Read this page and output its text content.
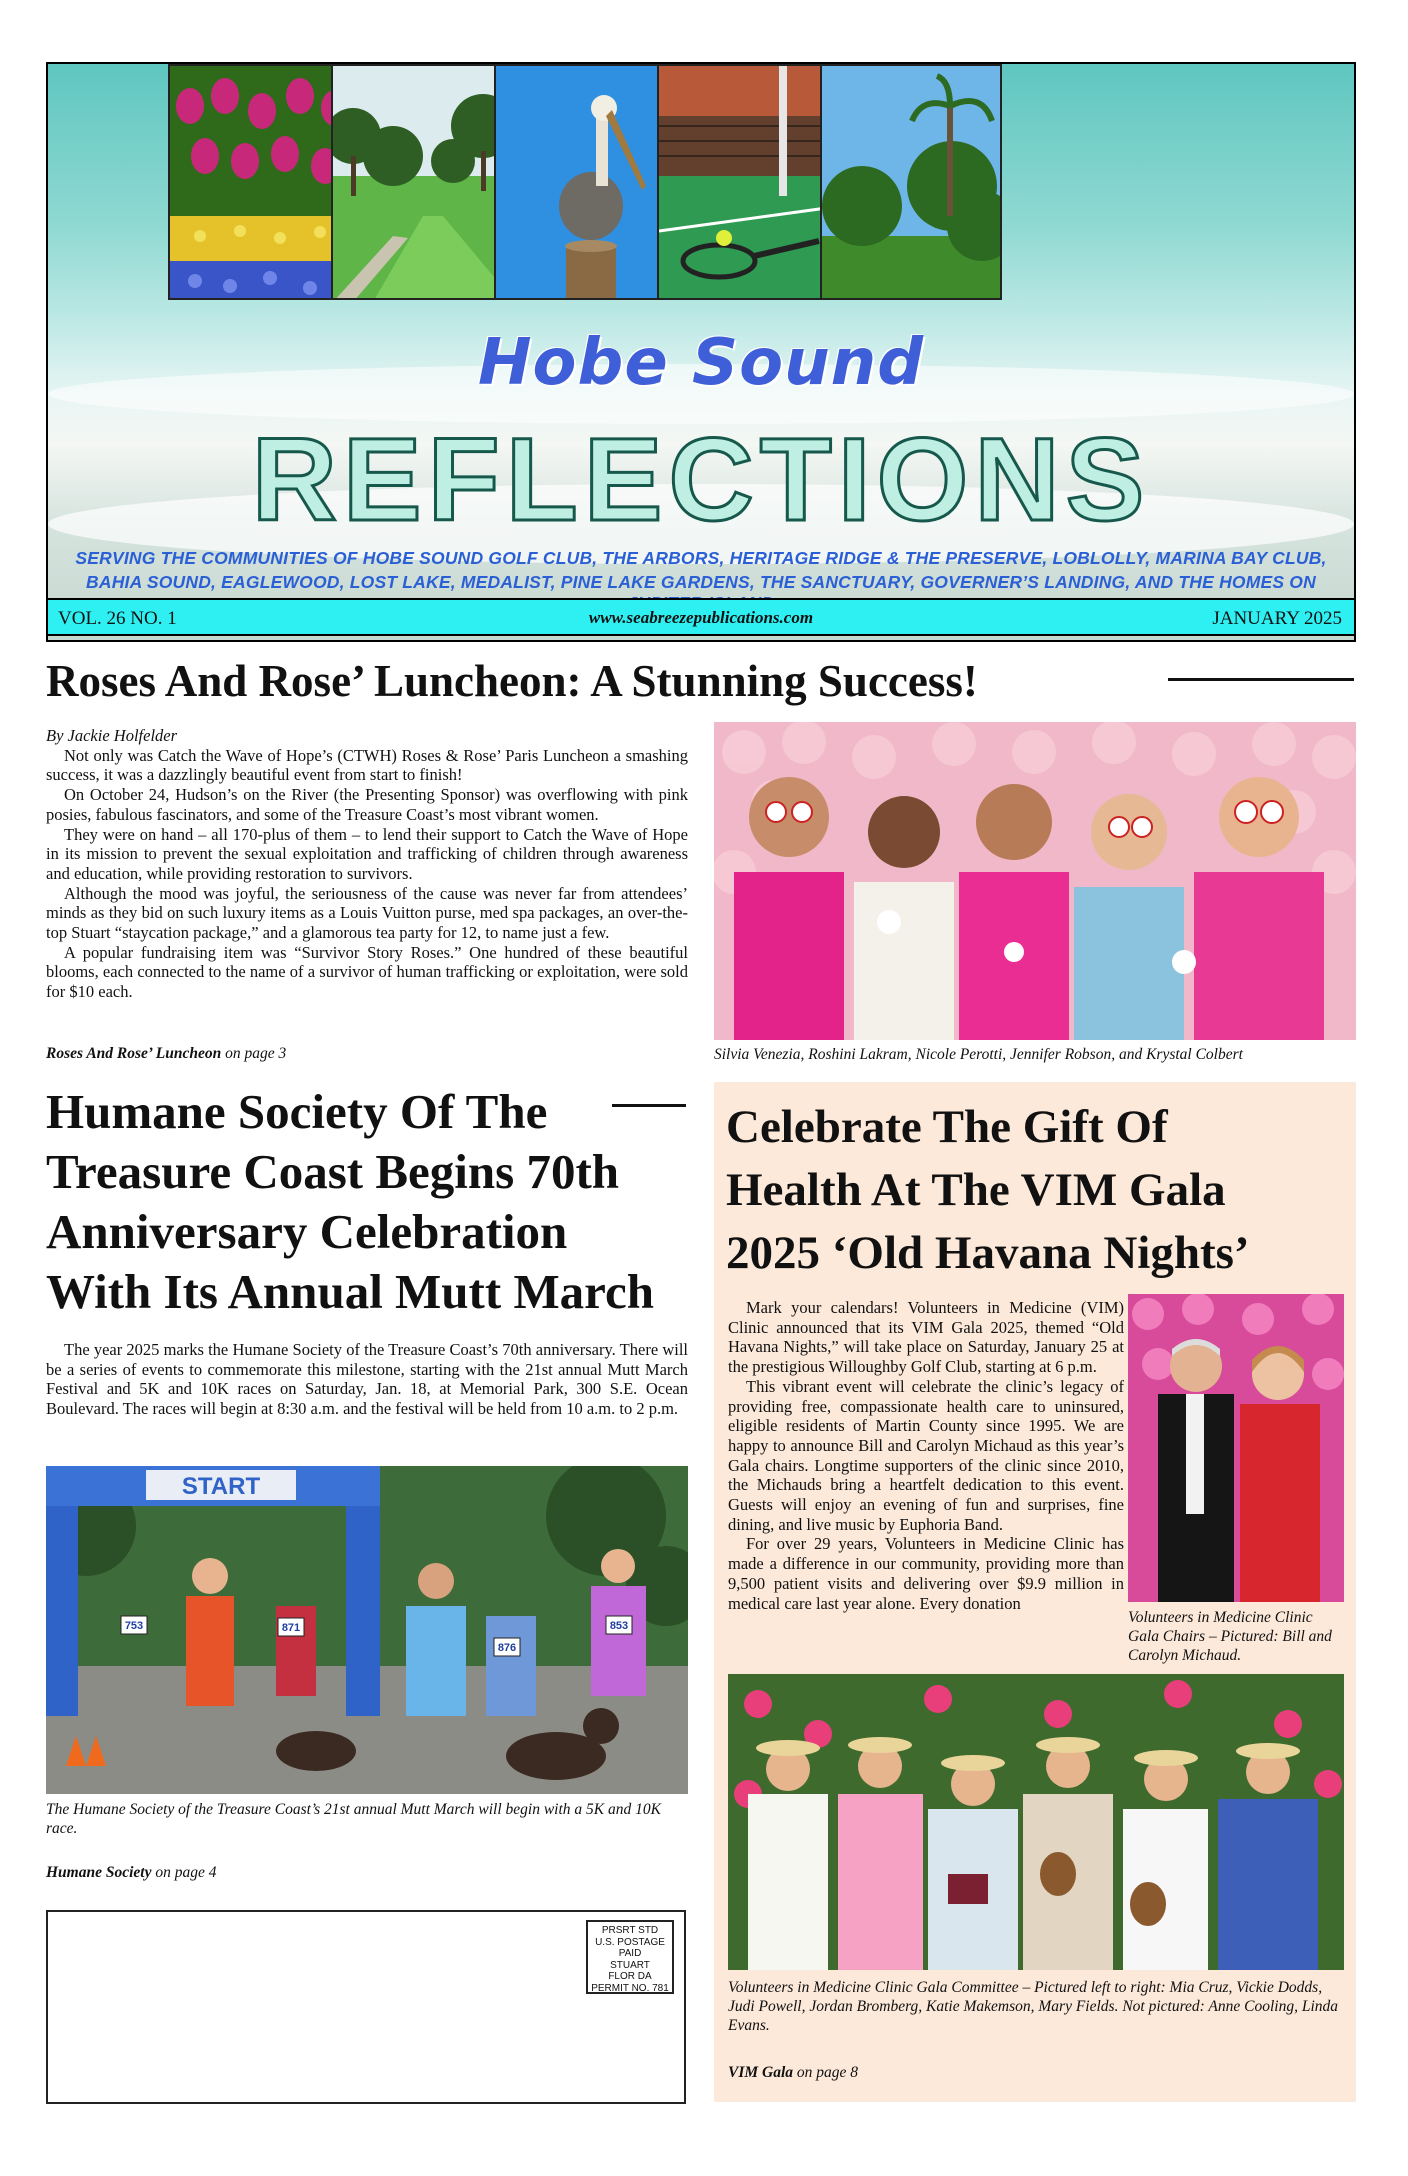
Hobe Sound
REFLECTIONS
SERVING THE COMMUNITIES OF HOBE SOUND GOLF CLUB, THE ARBORS, HERITAGE RIDGE & THE PRESERVE, LOBLOLLY, MARINA BAY CLUB,
BAHIA SOUND, EAGLEWOOD, LOST LAKE, MEDALIST, PINE LAKE GARDENS, THE SANCTUARY, GOVERNER’S LANDING, AND THE HOMES ON
VOL. 26 NO. 1	www.seabreezepublications.com	JANUARY 2025
Roses And Rose’ Luncheon: A Stunning Success!
By Jackie Holfelder

Not only was Catch the Wave of Hope’s (CTWH) Roses & Rose’ Paris Luncheon a smashing success, it was a dazzlingly beautiful event from start to finish!

On October 24, Hudson’s on the River (the Presenting Sponsor) was overflowing with pink posies, fabulous fascinators, and some of the Treasure Coast’s most vibrant women.

They were on hand – all 170-plus of them – to lend their support to Catch the Wave of Hope in its mission to prevent the sexual exploitation and trafficking of children through awareness and education, while providing restoration to survivors.

Although the mood was joyful, the seriousness of the cause was never far from attendees’ minds as they bid on such luxury items as a Louis Vuitton purse, med spa packages, an over-the-top Stuart “staycation package,” and a glamorous tea party for 12, to name just a few.

A popular fundraising item was “Survivor Story Roses.” One hundred of these beautiful blooms, each connected to the name of a survivor of human trafficking or exploitation, were sold for $10 each.

Roses And Rose’ Luncheon on page 3	Silvia Venezia, Roshini Lakram, Nicole Perotti, Jennifer Robson, and Krystal Colbert
Humane Society Of The
Treasure Coast Begins 70th
Anniversary Celebration
With Its Annual Mutt March

The year 2025 marks the Humane Society of the Treasure Coast’s 70th anniversary. There will be a series of events to commemorate this milestone, starting with the 21st annual Mutt March Festival and 5K and 10K races on Saturday, Jan. 18, at Memorial Park, 300 S.E. Ocean Boulevard. The races will begin at 8:30 a.m. and the festival will be held from 10 a.m. to 2 p.m.

START
753	871
876
853
The Humane Society of the Treasure Coast’s 21st annual Mutt March will begin with a 5K and 10K race.
Humane Society on page 4
PRSRT STD
U.S. POSTAGE
PAID
STUART
FLOR DA
PERMIT NO. 781
Celebrate The Gift Of
Health At The VIM Gala
2025 ‘Old Havana Nights’

Mark your calendars! Volunteers in Medicine (VIM) Clinic announced that its VIM Gala 2025, themed “Old Havana Nights,” will take place on Saturday, January 25 at the prestigious Willoughby Golf Club, starting at 6 p.m.

This vibrant event will celebrate the clinic’s legacy of providing free, compassionate health care to uninsured, eligible residents of Martin County since 1995. We are happy to announce Bill and Carolyn Michaud as this year’s Gala chairs. Longtime supporters of the clinic since 2010, the Michauds bring a heartfelt dedication to this event. Guests will enjoy an evening of fun and surprises, fine dining, and live music by Euphoria Band.

For over 29 years, Volunteers in Medicine Clinic has made a difference in our community, providing more than 9,500 patient visits and delivering over $9.9 million in medical care last year alone. Every donation

Volunteers in Medicine Clinic Gala Chairs – Pictured: Bill and Carolyn Michaud.
Volunteers in Medicine Clinic Gala Committee – Pictured left to right: Mia Cruz, Vickie Dodds, Judi Powell, Jordan Bromberg, Katie Makemson, Mary Fields. Not pictured: Anne Cooling, Linda Evans.
VIM Gala on page 8
